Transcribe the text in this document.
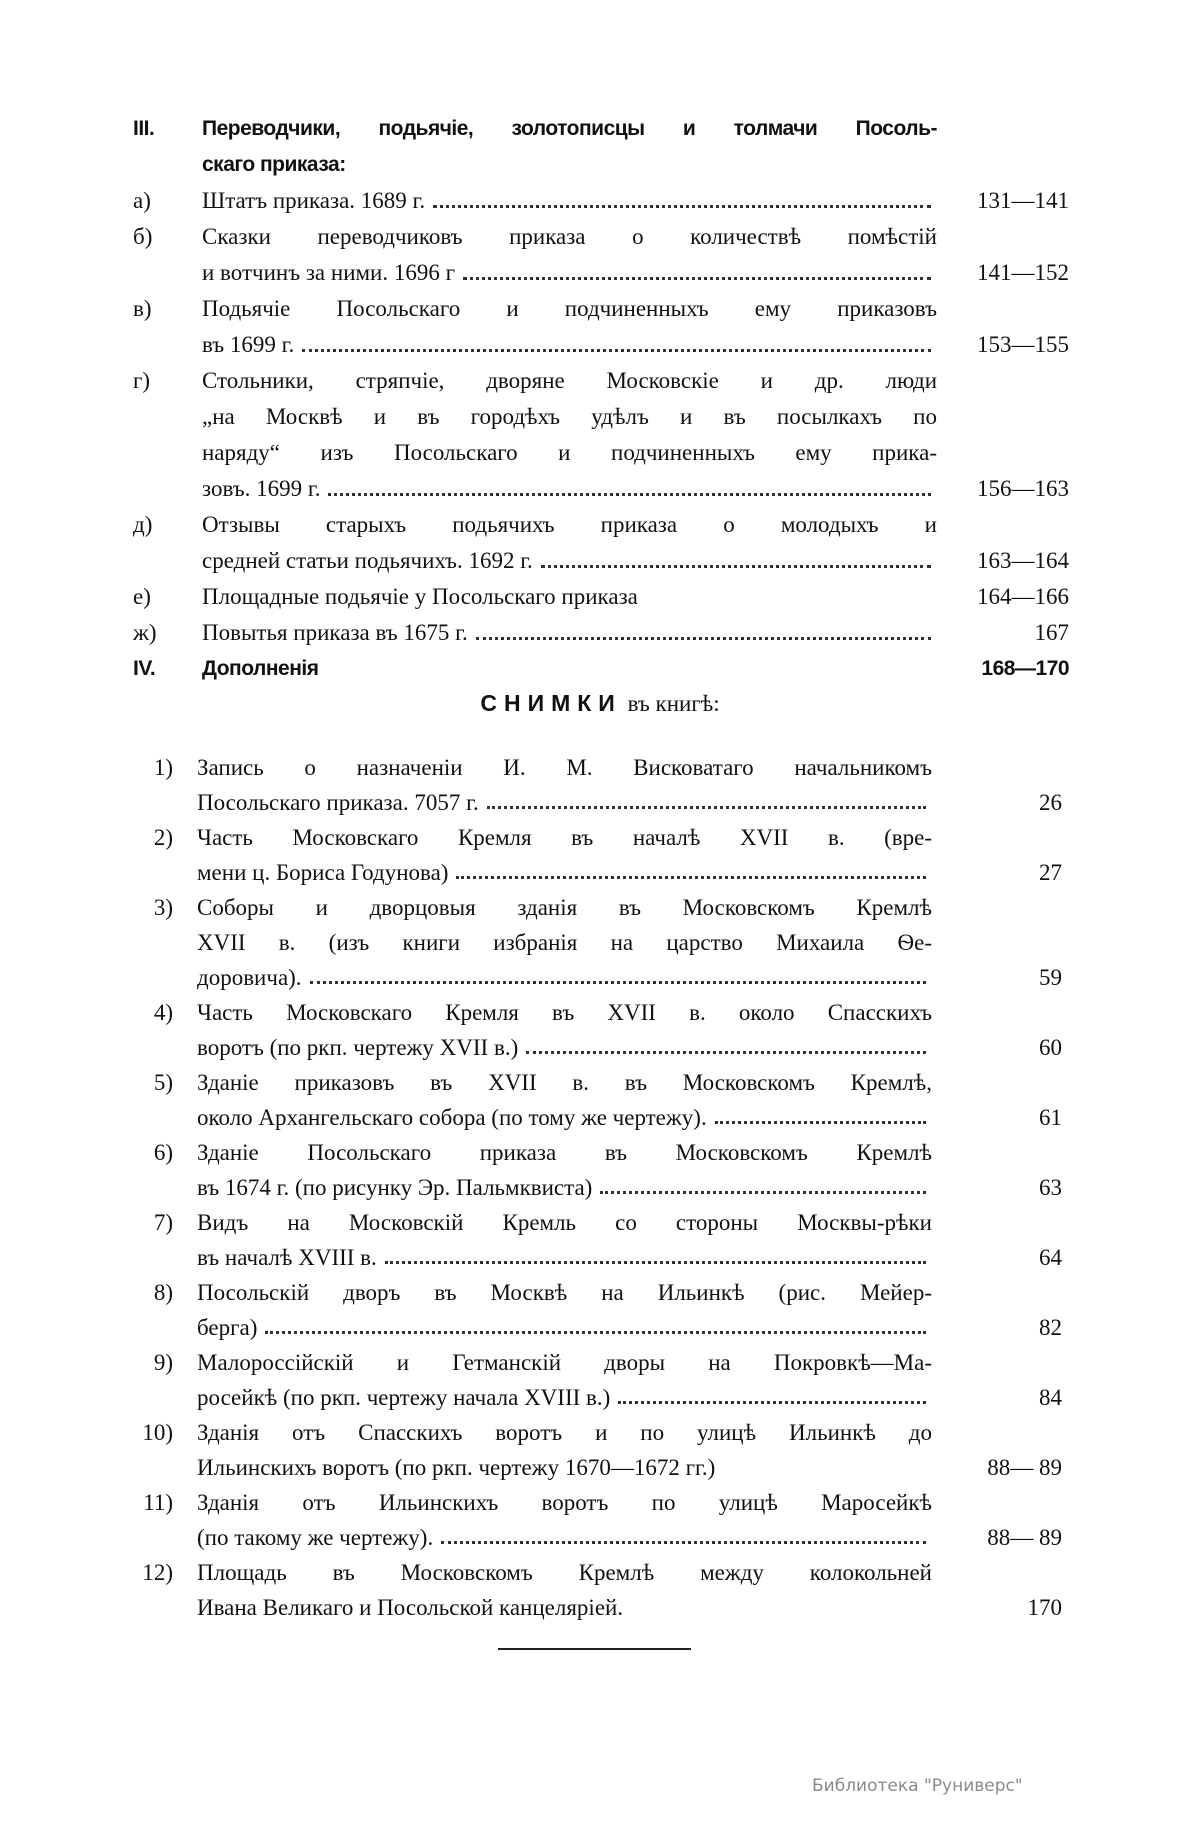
III.	Переводчики, подьячіе, золотописцы и толмачи Посоль-
скаго приказа:
а)	Штатъ приказа. 1689 г.	131—141
б)	Сказки переводчиковъ приказа о количествѣ помѣстій
и вотчинъ за ними. 1696 г	141—152
в)	Подьячіе Посольскаго и подчиненныхъ ему приказовъ
въ 1699 г.	153—155
г)	Стольники, стряпчіе, дворяне Московскіе и др. люди
„на Москвѣ и въ городѣхъ удѣлъ и въ посылкахъ по
наряду“ изъ Посольскаго и подчиненныхъ ему прика-
зовъ. 1699 г.	156—163
д)	Отзывы старыхъ подьячихъ приказа о молодыхъ и
средней статьи подьячихъ. 1692 г.	163—164
е)	Площадные подьячіе у Посольскаго приказа	164—166
ж)	Повытья приказа въ 1675 г.	167
IV.	Дополненія	168—170
СНИМКИ въ книгѣ:
1) Запись о назначеніи И. М. Висковатаго начальникомъ
Посольскаго приказа. 7057 г.	26
2) Часть Московскаго Кремля въ началѣ XVII в. (вре-
мени ц. Бориса Годунова)	27
3) Соборы и дворцовыя зданія въ Московскомъ Кремлѣ
XVII в. (изъ книги избранія на царство Михаила Ѳе-
доровича).	59
4) Часть Московскаго Кремля въ XVII в. около Спасскихъ
воротъ (по ркп. чертежу XVII в.)	60
5) Зданіе приказовъ въ XVII в. въ Московскомъ Кремлѣ,
около Архангельскаго собора (по тому же чертежу).	61
6) Зданіе Посольскаго приказа въ Московскомъ Кремлѣ
въ 1674 г. (по рисунку Эр. Пальмквиста)	63
7) Видъ на Московскій Кремль со стороны Москвы-рѣки
въ началѣ XVIII в.	64
8) Посольскій дворъ въ Москвѣ на Ильинкѣ (рис. Мейер-
берга)	82
9) Малороссійскій и Гетманскій дворы на Покровкѣ—Ма-
росейкѣ (по ркп. чертежу начала XVIII в.)	84
10) Зданія отъ Спасскихъ воротъ и по улицѣ Ильинкѣ до
Ильинскихъ воротъ (по ркп. чертежу 1670—1672 гг.)	88— 89
11) Зданія отъ Ильинскихъ воротъ по улицѣ Маросейкѣ
(по такому же чертежу).	88— 89
12) Площадь въ Московскомъ Кремлѣ между колокольней
Ивана Великаго и Посольской канцеляріей.	170
Библиотека "Руниверс"
